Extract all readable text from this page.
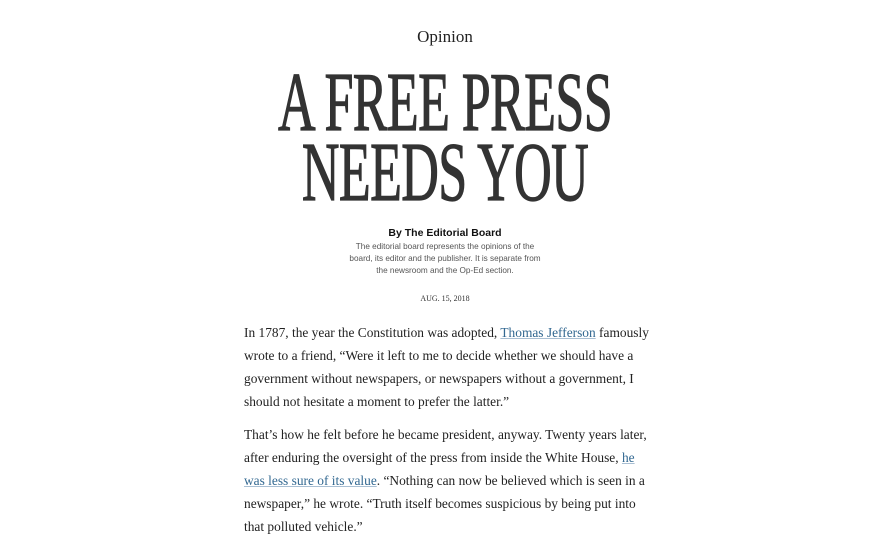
Opinion
A FREE PRESS
NEEDS YOU
By The Editorial Board
The editorial board represents the opinions of the board, its editor and the publisher. It is separate from the newsroom and the Op-Ed section.
AUG. 15, 2018

In 1787, the year the Constitution was adopted, Thomas Jefferson famously wrote to a friend, “Were it left to me to decide whether we should have a government without newspapers, or newspapers without a government, I should not hesitate a moment to prefer the latter.”

That’s how he felt before he became president, anyway. Twenty years later, after enduring the oversight of the press from inside the White House, he was less sure of its value. “Nothing can now be believed which is seen in a newspaper,” he wrote. “Truth itself becomes suspicious by being put into that polluted vehicle.”
